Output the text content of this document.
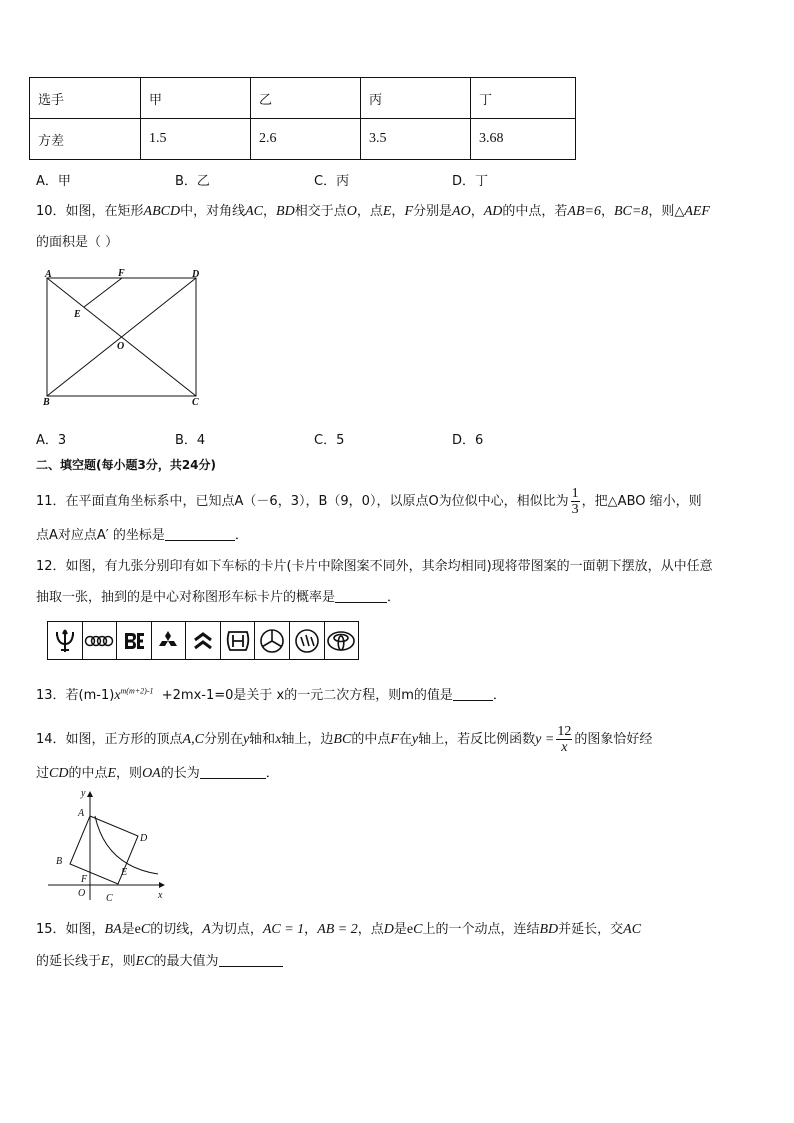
选手	甲	乙	丙	丁
方差	1.5	2.6	3.5	3.68
A．甲	B．乙	C．丙	D．丁
10．如图，在矩形ABCD中，对角线AC，BD相交于点O，点E，F分别是AO，AD的中点，若AB=6，BC=8，则△AEF
的面积是（ ）
A	F	D
E
O
B	C
A．3	B．4	C．5	D．6
二、填空题(每小题3分，共24分)
11．在平面直角坐标系中，已知点A（－6，3），B（9，0），以原点O为位似中心，相似比为 $\frac{1}{3}$ ，把△ABO 缩小，则
点A对应点A′ 的坐标是	．
12．如图，有九张分别印有如下车标的卡片(卡片中除图案不同外，其余均相同)现将带图案的一面朝下摆放，从中任意
抽取一张，抽到的是中心对称图形车标卡片的概率是	．
13．若$(m-1)x^{m(m+2)-1} +2mx-1=0$是关于 x的一元二次方程，则m的值是	．
14．如图，正方形的顶点A,C分别在y轴和x轴上，边BC的中点F在y轴上，若反比例函数$y = \frac{12}{x}$ 的图象恰好经
过CD的中点E，则OA的长为	．
y
A
D
B
E
F
O C	x
15．如图，BA是eC的切线，A为切点，AC = 1，AB = 2，点D是eC上的一个动点，连结BD并延长，交AC
的延长线于E，则EC的最大值为
